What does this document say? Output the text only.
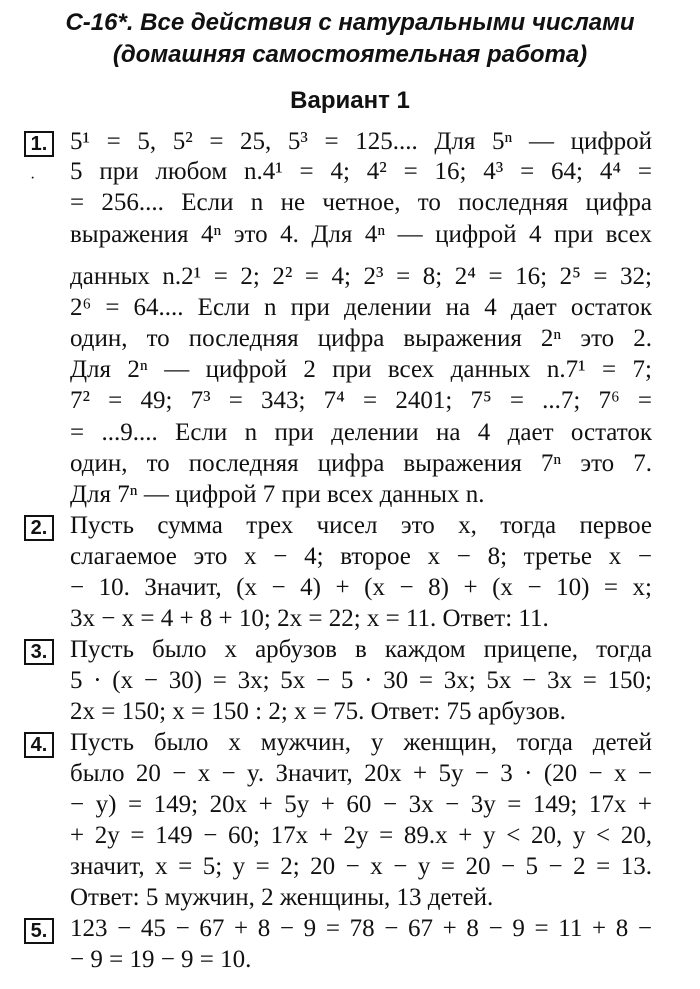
С-16*. Все действия с натуральными числами
(домашняя самостоятельная работа)
Вариант 1
1. 5¹ = 5, 5² = 25, 5³ = 125.... Для 5ⁿ — цифрой
5 при любом n.4¹ = 4; 4² = 16; 4³ = 64; 4⁴ =
·
= 256.... Если n не четное, то последняя цифра
выражения 4ⁿ это 4. Для 4ⁿ — цифрой 4 при всех
данных n.2¹ = 2; 2² = 4; 2³ = 8; 2⁴ = 16; 2⁵ = 32;
2⁶ = 64.... Если n при делении на 4 дает остаток
один, то последняя цифра выражения 2ⁿ это 2.
Для 2ⁿ — цифрой 2 при всех данных n.7¹ = 7;
7² = 49; 7³ = 343; 7⁴ = 2401; 7⁵ = ...7; 7⁶ =
= ...9.... Если n при делении на 4 дает остаток
один, то последняя цифра выражения 7ⁿ это 7.
Для 7ⁿ — цифрой 7 при всех данных n.
2. Пусть сумма трех чисел это x, тогда первое
слагаемое это x − 4; второе x − 8; третье x −
− 10. Значит, (x − 4) + (x − 8) + (x − 10) = x;
3x − x = 4 + 8 + 10; 2x = 22; x = 11. Ответ: 11.
3. Пусть было x арбузов в каждом прицепе, тогда
5 · (x − 30) = 3x; 5x − 5 · 30 = 3x; 5x − 3x = 150;
2x = 150; x = 150 : 2; x = 75. Ответ: 75 арбузов.
4. Пусть было x мужчин, y женщин, тогда детей
было 20 − x − y. Значит, 20x + 5y − 3 · (20 − x −
− y) = 149; 20x + 5y + 60 − 3x − 3y = 149; 17x +
+ 2y = 149 − 60; 17x + 2y = 89.x + y < 20, y < 20,
значит, x = 5; y = 2; 20 − x − y = 20 − 5 − 2 = 13.
Ответ: 5 мужчин, 2 женщины, 13 детей.
5. 123 − 45 − 67 + 8 − 9 = 78 − 67 + 8 − 9 = 11 + 8 −
− 9 = 19 − 9 = 10.
